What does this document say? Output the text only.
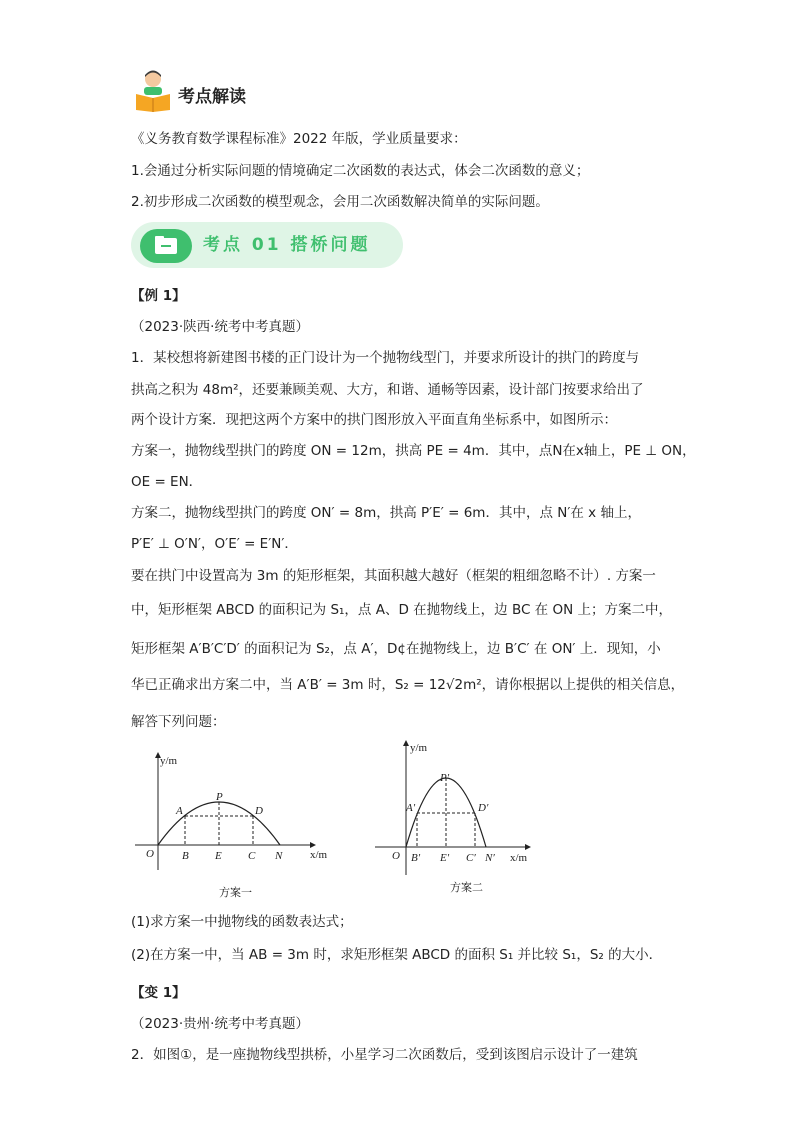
考点解读
《义务教育数学课程标准》2022 年版，学业质量要求：
1.会通过分析实际问题的情境确定二次函数的表达式，体会二次函数的意义；
2.初步形成二次函数的模型观念，会用二次函数解决简单的实际问题。
考点 01 搭桥问题
【例 1】
（2023·陕西·统考中考真题）
1．某校想将新建图书楼的正门设计为一个抛物线型门，并要求所设计的拱门的跨度与
拱高之积为 48m²，还要兼顾美观、大方，和谐、通畅等因素，设计部门按要求给出了
两个设计方案．现把这两个方案中的拱门图形放入平面直角坐标系中，如图所示：
方案一，抛物线型拱门的跨度 ON = 12m，拱高 PE = 4m．其中，点N在x轴上，PE ⊥ ON，
OE = EN．
方案二，抛物线型拱门的跨度 ON′ = 8m，拱高 P′E′ = 6m．其中，点 N′在 x 轴上，
P′E′ ⊥ O′N′，O′E′ = E′N′．
要在拱门中设置高为 3m 的矩形框架，其面积越大越好（框架的粗细忽略不计）. 方案一
中，矩形框架 ABCD 的面积记为 S₁，点 A、D 在抛物线上，边 BC 在 ON 上；方案二中，
矩形框架 A′B′C′D′ 的面积记为 S₂，点 A′，D¢在抛物线上，边 B′C′ 在 ON′ 上．现知，小
华已正确求出方案二中，当 A′B′ = 3m 时，S₂ = 12√2m²，请你根据以上提供的相关信息，
解答下列问题：
y/m
x/m
O
A
P
D
B E C N
方案一
y/m
x/m
O
A′
P′
D′
B′ E′ C′ N′
方案二
(1)求方案一中抛物线的函数表达式；
(2)在方案一中，当 AB = 3m 时，求矩形框架 ABCD 的面积 S₁ 并比较 S₁，S₂ 的大小．
【变 1】
（2023·贵州·统考中考真题）
2．如图①，是一座抛物线型拱桥，小星学习二次函数后，受到该图启示设计了一建筑
